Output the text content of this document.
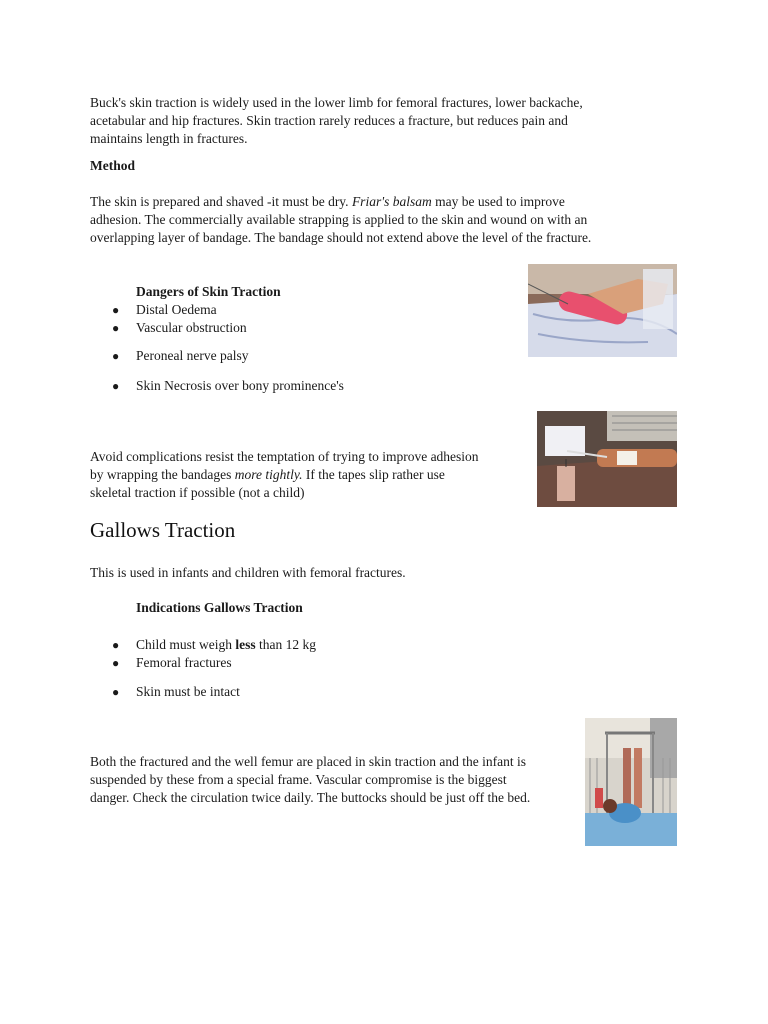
Buck's skin traction is widely used in the lower limb for femoral fractures, lower backache,

acetabular and hip fractures. Skin traction rarely reduces a fracture, but reduces pain and

maintains length in fractures.

Method

The skin is prepared and shaved -it must be dry. Friar's balsam may be used to improve

adhesion. The commercially available strapping is applied to the skin and wound on with an

overlapping layer of bandage. The bandage should not extend above the level of the fracture.

Dangers of Skin Traction

● Distal Oedema

● Vascular obstruction

● Peroneal nerve palsy

● Skin Necrosis over bony prominence's

Avoid complications resist the temptation of trying to improve adhesion

by wrapping the bandages more tightly. If the tapes slip rather use

skeletal traction if possible (not a child)

Gallows Traction

This is used in infants and children with femoral fractures.

Indications Gallows Traction

● Child must weigh less than 12 kg

● Femoral fractures

● Skin must be intact

Both the fractured and the well femur are placed in skin traction and the infant is

suspended by these from a special frame. Vascular compromise is the biggest

danger. Check the circulation twice daily. The buttocks should be just off the bed.
